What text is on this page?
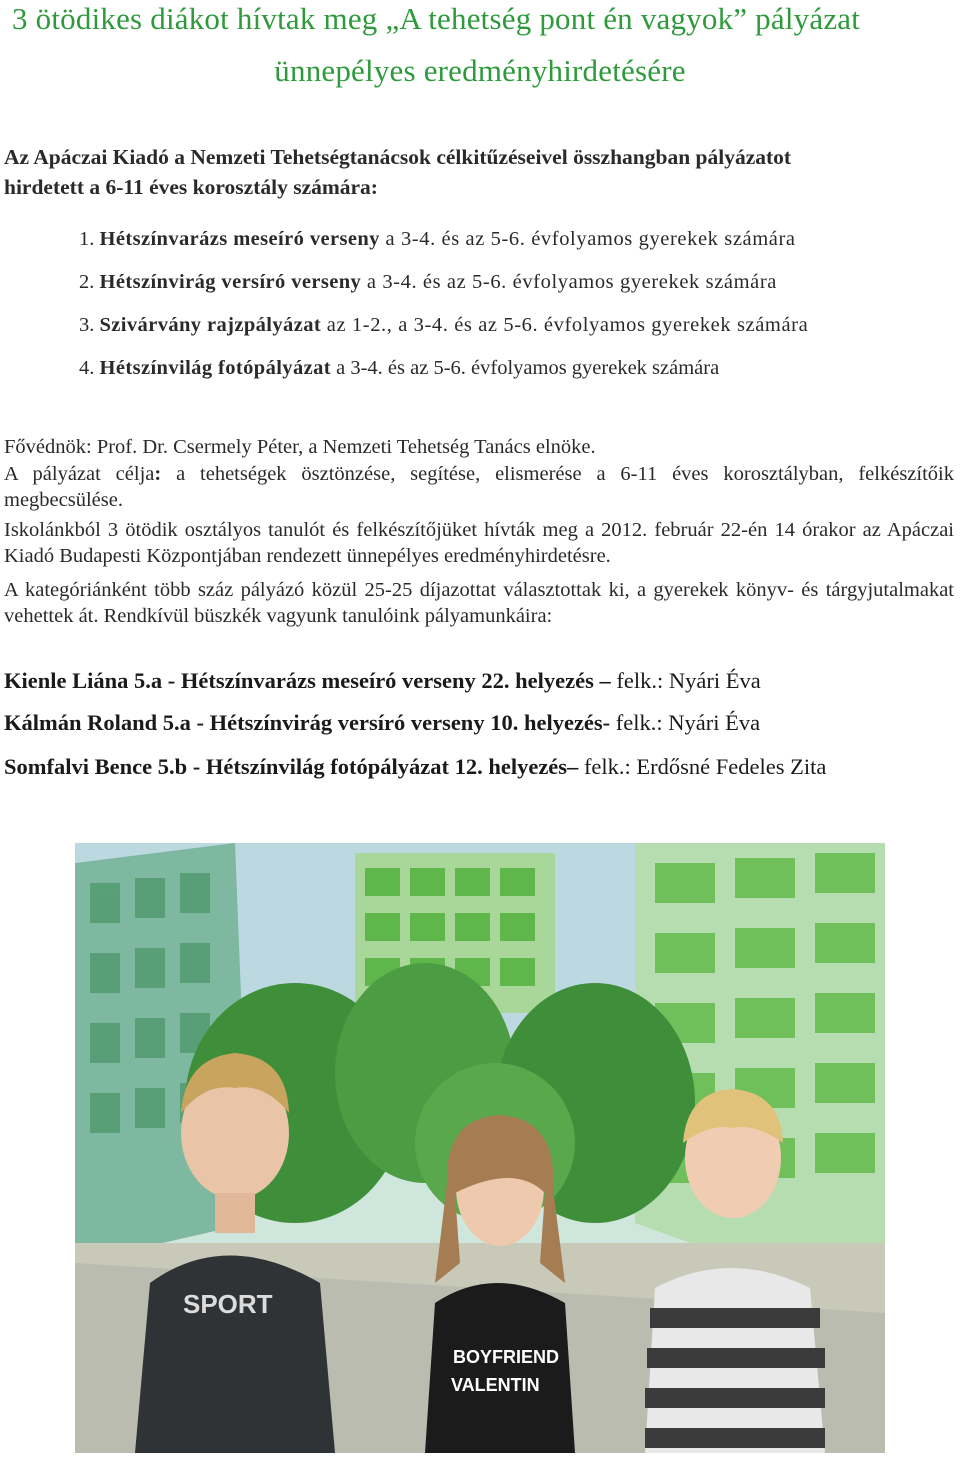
3 ötödikes diákot hívtak meg „A tehetség pont én vagyok” pályázat
ünnepélyes eredményhirdetésére
Az Apáczai Kiadó a Nemzeti Tehetségtanácsok célkitűzéseivel összhangban pályázatot
hirdetett a 6-11 éves korosztály számára:
1. Hétszínvarázs meseíró verseny a 3-4. és az 5-6. évfolyamos gyerekek számára
2. Hétszínvirág versíró verseny a 3-4. és az 5-6. évfolyamos gyerekek számára
3. Szivárvány rajzpályázat az 1-2., a 3-4. és az 5-6. évfolyamos gyerekek számára
4. Hétszínvilág fotópályázat a 3-4. és az 5-6. évfolyamos gyerekek számára
Fővédnök: Prof. Dr. Csermely Péter, a Nemzeti Tehetség Tanács elnöke.
A pályázat célja: a tehetségek ösztönzése, segítése, elismerése a 6-11 éves korosztályban, felkészítőik megbecsülése.
Iskolánkból 3 ötödik osztályos tanulót és felkészítőjüket hívták meg a 2012. február 22-én 14 órakor az Apáczai Kiadó Budapesti Központjában rendezett ünnepélyes eredményhirdetésre.
A kategóriánként több száz pályázó közül 25-25 díjazottat választottak ki, a gyerekek könyv- és tárgyjutalmakat vehettek át. Rendkívül büszkék vagyunk tanulóink pályamunkáira:
Kienle Liána 5.a - Hétszínvarázs meseíró verseny 22. helyezés – felk.: Nyári Éva
Kálmán Roland 5.a - Hétszínvirág versíró verseny 10. helyezés- felk.: Nyári Éva
Somfalvi Bence 5.b - Hétszínvilág fotópályázat 12. helyezés– felk.: Erdősné Fedeles Zita
SPORT
BOYFRIEND
VALENTIN
